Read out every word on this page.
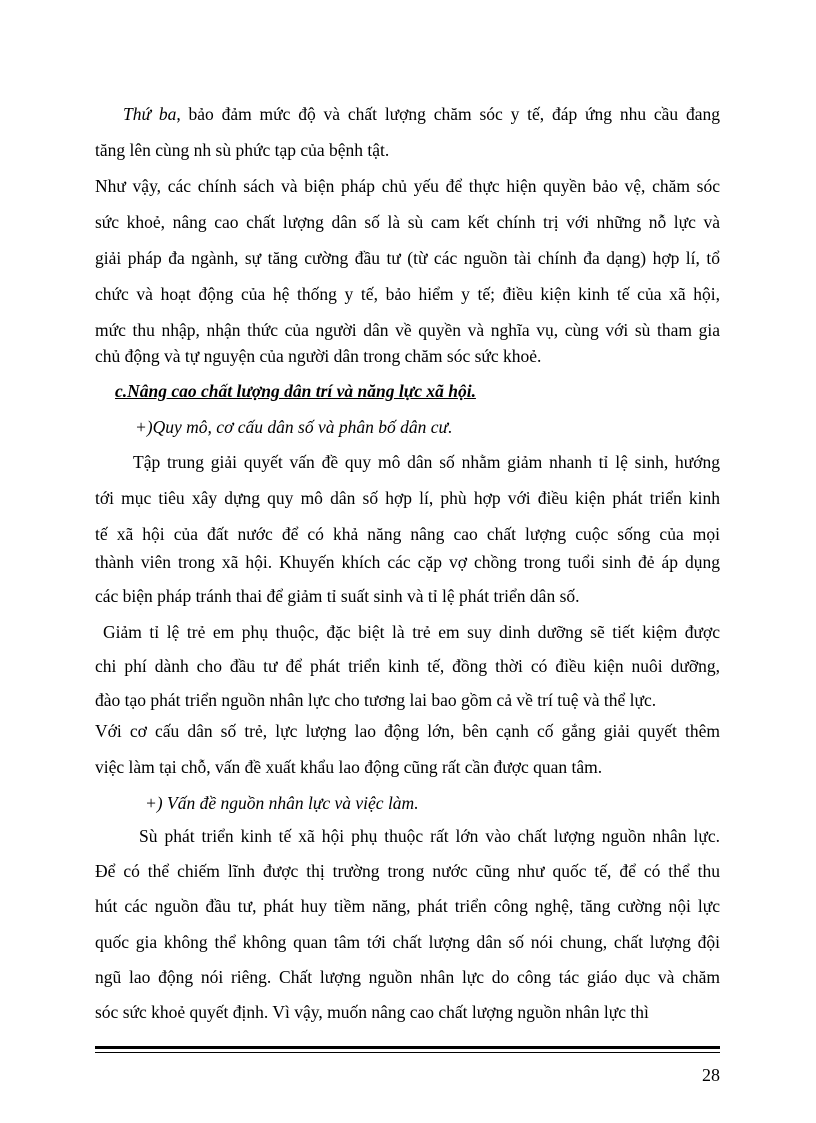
Thứ ba, bảo đảm mức độ và chất lượng chăm sóc y tế, đáp ứng nhu cầu đang
tăng lên cùng nh sù phức tạp của bệnh tật.
Như vậy, các chính sách và biện pháp chủ yếu để thực hiện quyền bảo vệ, chăm sóc
sức khoẻ, nâng cao chất lượng dân số là sù cam kết chính trị với những nỗ lực và
giải pháp đa ngành, sự tăng cường đầu tư (từ các nguồn tài chính đa dạng) hợp lí, tổ
chức và hoạt động của hệ thống y tế, bảo hiểm y tế; điều kiện kinh tế của xã hội,
mức thu nhập, nhận thức của người dân về quyền và nghĩa vụ, cùng với sù tham gia
chủ động và tự nguyện của người dân trong chăm sóc sức khoẻ.
c.Nâng cao chất lượng dân trí và năng lực xã hội.
+)Quy mô, cơ cấu dân số và phân bố dân cư.
Tập trung giải quyết vấn đề quy mô dân số nhằm giảm nhanh tỉ lệ sinh, hướng
tới mục tiêu xây dựng quy mô dân số hợp lí, phù hợp với điều kiện phát triển kinh
tế xã hội của đất nước để có khả năng nâng cao chất lượng cuộc sống của mọi
thành viên trong xã hội. Khuyến khích các cặp vợ chồng trong tuổi sinh đẻ áp dụng
các biện pháp tránh thai để giảm tỉ suất sinh và tỉ lệ phát triển dân số.
Giảm tỉ lệ trẻ em phụ thuộc, đặc biệt là trẻ em suy dinh dưỡng sẽ tiết kiệm được
chi phí dành cho đầu tư để phát triển kinh tế, đồng thời có điều kiện nuôi dưỡng,
đào tạo phát triển nguồn nhân lực cho tương lai bao gồm cả về trí tuệ và thể lực.
Với cơ cấu dân số trẻ, lực lượng lao động lớn, bên cạnh cố gắng giải quyết thêm
việc làm tại chỗ, vấn đề xuất khẩu lao động cũng rất cần được quan tâm.
+) Vấn đề nguồn nhân lực và việc làm.
Sù phát triển kinh tế xã hội phụ thuộc rất lớn vào chất lượng nguồn nhân lực.
Để có thể chiếm lĩnh được thị trường trong nước cũng như quốc tế, để có thể thu
hút các nguồn đầu tư, phát huy tiềm năng, phát triển công nghệ, tăng cường nội lực
quốc gia không thể không quan tâm tới chất lượng dân số nói chung, chất lượng đội
ngũ lao động nói riêng. Chất lượng nguồn nhân lực do công tác giáo dục và chăm
sóc sức khoẻ quyết định. Vì vậy, muốn nâng cao chất lượng nguồn nhân lực thì
28
